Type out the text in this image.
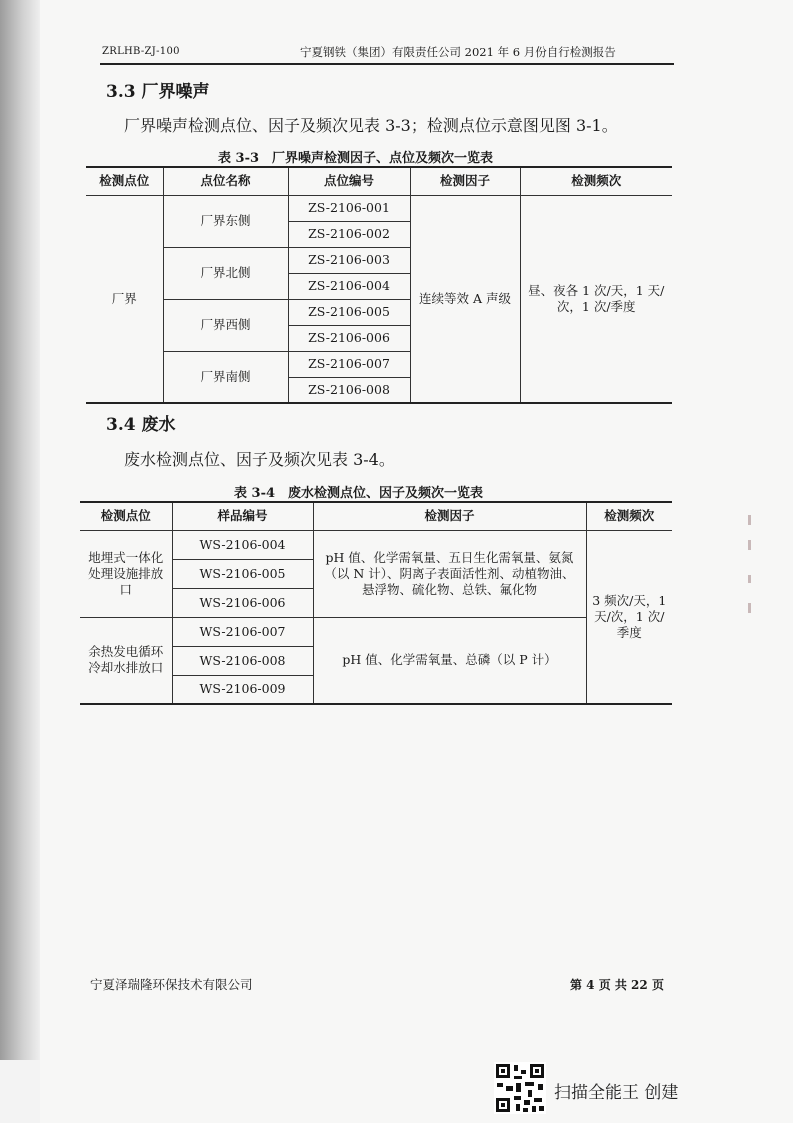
ZRLHB-ZJ-100	宁夏钢铁（集团）有限责任公司 2021 年 6 月份自行检测报告
3.3 厂界噪声
厂界噪声检测点位、因子及频次见表 3-3；检测点位示意图见图 3-1。
表 3-3　厂界噪声检测因子、点位及频次一览表
检测点位	点位名称	点位编号	检测因子	检测频次
厂界	厂界东侧	ZS-2106-001	连续等效 A 声级	昼、夜各 1 次/天，1 天/次，1 次/季度
		ZS-2106-002		
	厂界北侧	ZS-2106-003		
		ZS-2106-004		
	厂界西侧	ZS-2106-005		
		ZS-2106-006		
	厂界南侧	ZS-2106-007		
		ZS-2106-008		
3.4 废水
废水检测点位、因子及频次见表 3-4。
表 3-4　废水检测点位、因子及频次一览表
检测点位	样品编号	检测因子	检测频次
地埋式一体化处理设施排放口	WS-2106-004	pH 值、化学需氧量、五日生化需氧量、氨氮（以 N 计）、阴离子表面活性剂、动植物油、悬浮物、硫化物、总铁、氟化物	3 频次/天，1 天/次，1 次/季度
	WS-2106-005		
	WS-2106-006		
余热发电循环冷却水排放口	WS-2106-007	pH 值、化学需氧量、总磷（以 P 计）	
	WS-2106-008		
	WS-2106-009		
宁夏泽瑞隆环保技术有限公司	第 4 页 共 22 页
扫描全能王 创建
